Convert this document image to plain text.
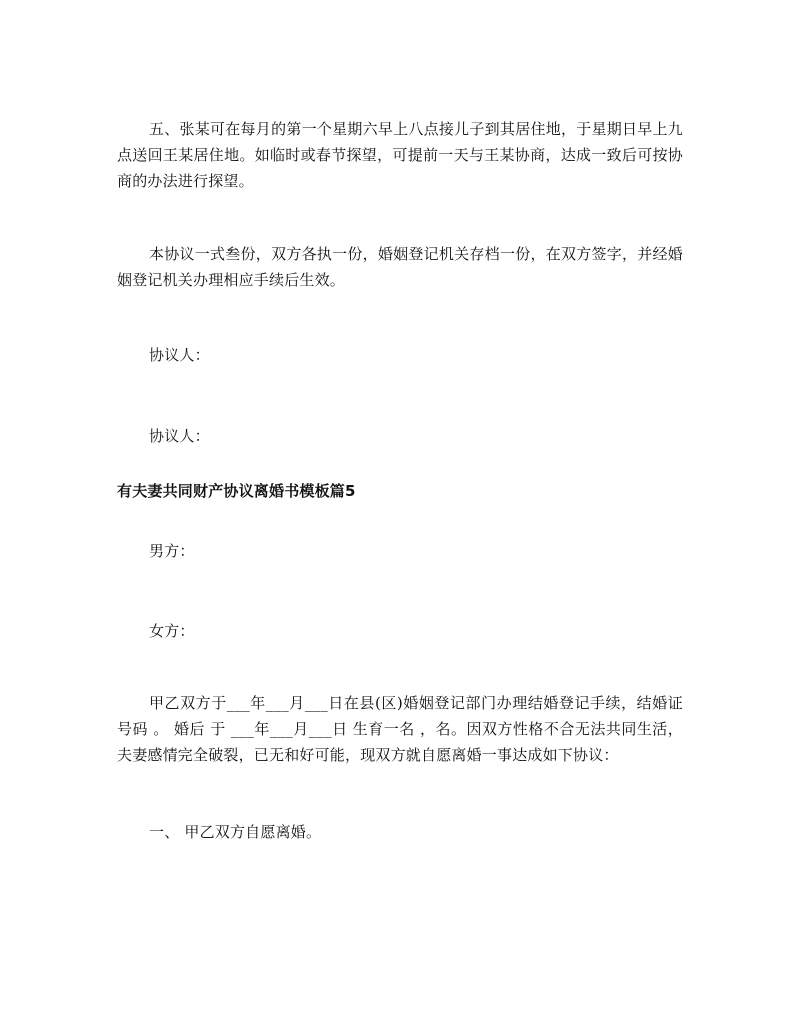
五、张某可在每月的第一个星期六早上八点接儿子到其居住地，于星期日早上九点送回王某居住地。如临时或春节探望，可提前一天与王某协商，达成一致后可按协商的办法进行探望。

本协议一式叁份，双方各执一份，婚姻登记机关存档一份，在双方签字，并经婚姻登记机关办理相应手续后生效。

协议人：

协议人：

有夫妻共同财产协议离婚书模板篇5

男方：

女方：

甲乙双方于___年___月___日在县(区)婚姻登记部门办理结婚登记手续，结婚证号码 。 婚后 于 ___年___月___日 生育一名 ，名。因双方性格不合无法共同生活，夫妻感情完全破裂，已无和好可能，现双方就自愿离婚一事达成如下协议：

一、 甲乙双方自愿离婚。
